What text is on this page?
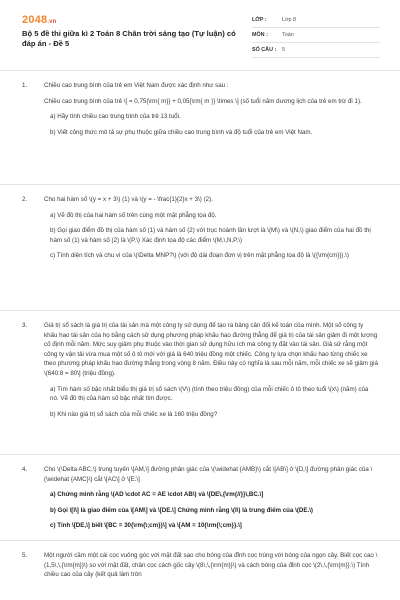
2048.vn
Bộ 5 đề thi giữa kì 2 Toán 8 Chân trời sáng tạo (Tự luận) có đáp án - Đề 5
LỚP :	Lớp 8
MÔN :	Toán
SỐ CÂU :	5
1.	Chiều cao trung bình của trẻ em Việt Nam được xác định như sau :

Chiều cao trung bình của trẻ \[ = 0,75{\rm{ m}} + 0,05{\rm{ m }} \times \] (số tuổi năm dương lịch của trẻ em trừ đi 1).

a) Hãy tính chiều cao trung bình của trẻ 13 tuổi.

b) Viết công thức mô tả sự phụ thuộc giữa chiều cao trung bình và độ tuổi của trẻ em Việt Nam.

2.	Cho hai hàm số \(y = x + 3\) (1) và \(y = - \frac{1}{2}x + 3\) (2).

a) Vẽ đồ thị của hai hàm số trên cùng một mặt phẳng tọa độ.

b) Gọi giao điểm đồ thị của hàm số (1) và hàm số (2) với trục hoành lần lượt là \(M\) và \(N,\) giao điểm của hai đồ thị hàm số (1) và hàm số (2) là \(P.\) Xác định tọa độ các điểm \(M,\,N,P.\)

c) Tính diện tích và chu vi của \(\Delta MNP?\) (với độ dài đoạn đơn vị trên mặt phẳng tọa độ là \({\rm{cm}}).\)

3.	Giá trị sổ sách là giá trị của tài sản mà một công ty sử dụng để tạo ra bảng cân đối kế toán của mình. Một số công ty khấu hao tài sản của họ bằng cách sử dụng phương pháp khấu hao đường thẳng để giá trị của tài sản giảm đi một lượng cố định mỗi năm. Mức suy giảm phụ thuộc vào thời gian sử dụng hữu ích mà công ty đặt vào tài sản. Giả sử rằng một công ty vận tải vừa mua một số ô tô mới với giá là 640 triệu đồng một chiếc. Công ty lựa chọn khấu hao từng chiếc xe theo phương pháp khấu hao đường thẳng trong vòng 8 năm. Điều này có nghĩa là sau mỗi năm, mỗi chiếc xe sẽ giảm giá \(640:8 = 80\] (triệu đồng).

a) Tìm hàm số bậc nhất biểu thị giá trị sổ sách \(V\) (tính theo triệu đồng) của mỗi chiếc ô tô theo tuổi \(x\) (năm) của nó. Vẽ đồ thị của hàm số bậc nhất tìm được.

b) Khi nào giá trị sổ sách của mỗi chiếc xe là 160 triệu đồng?

4.	Cho \(\Delta ABC,\) trung tuyến \[AM,\] đường phân giác của \(\widehat {AMB}\) cắt \[AB\] ở \[D,\] đường phân giác của \(\widehat {AMC}\) cắt \[AC\] ở \[E.\]

a) Chứng minh rằng \(AD \cdot AC = AE \cdot AB\) và \[DE\,{\rm{//}}\,BC.\]

b) Gọi \[I\] là giao điểm của \[AM\] và \[DE.\] Chứng minh rằng \(I\) là trung điểm của \(DE.\)

c) Tính \[DE,\] biết \[BC = 30{\rm{\;cm}}\] và \[AM = 10{\rm{\;cm}}.\]

5.	Một người cầm một cái cọc vuông góc với mặt đất sao cho bóng của đỉnh cọc trùng với bóng của ngọn cây. Biết cọc cao \(1,5\,\,{\rm{m}}\) so với mặt đất, chân cọc cách gốc cây \(8\,\,{\rm{m}}\) và cách bóng của đỉnh cọc \(2\,\,{\rm{m}}.\) Tính chiều cao của cây (kết quả làm tròn
